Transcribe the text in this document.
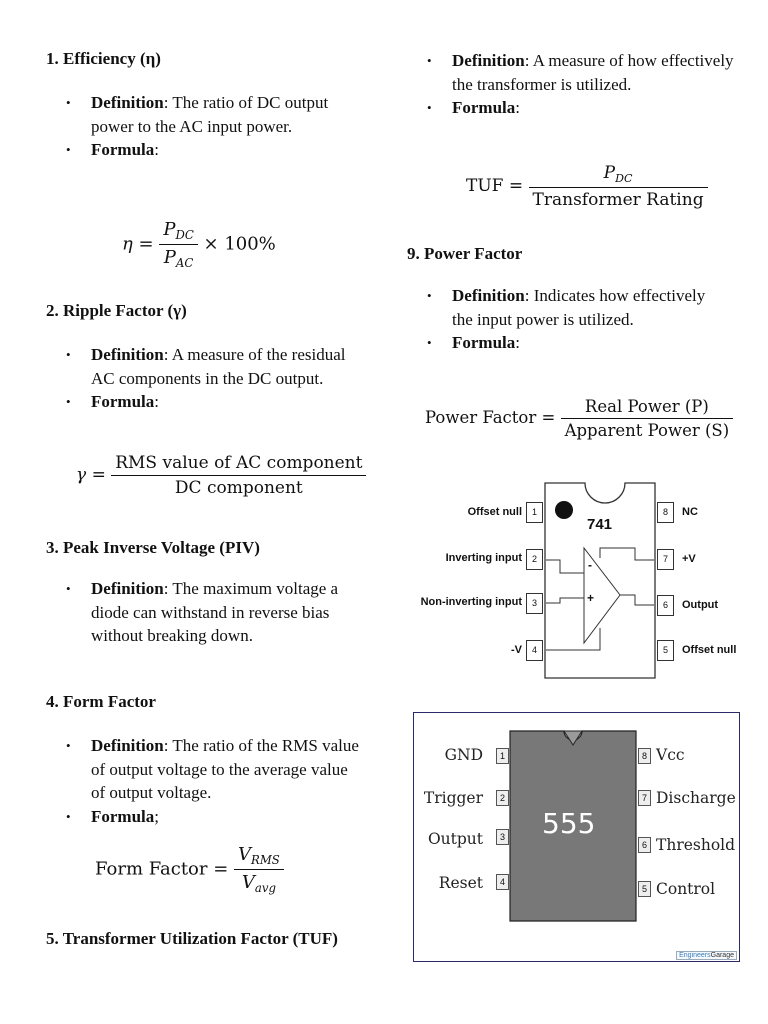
1. Efficiency (η)
• Definition: The ratio of DC output power to the AC input power.
• Formula:
$\eta = \frac{P_{DC}}{P_{AC}} \times 100\%$
2. Ripple Factor (γ)
• Definition: A measure of the residual AC components in the DC output.
• Formula:
$\gamma = \frac{\text{RMS value of AC component}}{\text{DC component}}$
3. Peak Inverse Voltage (PIV)
• Definition: The maximum voltage a diode can withstand in reverse bias without breaking down.
4. Form Factor
• Definition: The ratio of the RMS value of output voltage to the average value of output voltage.
• Formula;
Form Factor = $\frac{V_{RMS}}{V_{avg}}$
5. Transformer Utilization Factor (TUF)
• Definition: A measure of how effectively the transformer is utilized.
• Formula:
TUF = $\frac{P_{DC}}{\text{Transformer Rating}}$
9. Power Factor
• Definition: Indicates how effectively the input power is utilized.
• Formula:
Power Factor = $\frac{\text{Real Power (P)}}{\text{Apparent Power (S)}}$
741
-
+
Offset null	1
Inverting input	2
Non-inverting input	3
-V	4
8	NC
7	+V
6	Output
5	Offset null
555
GND	1
Trigger	2
Output	3
Reset	4
8 Vcc
7 Discharge
6 Threshold
5 Control
EngineersGarage
